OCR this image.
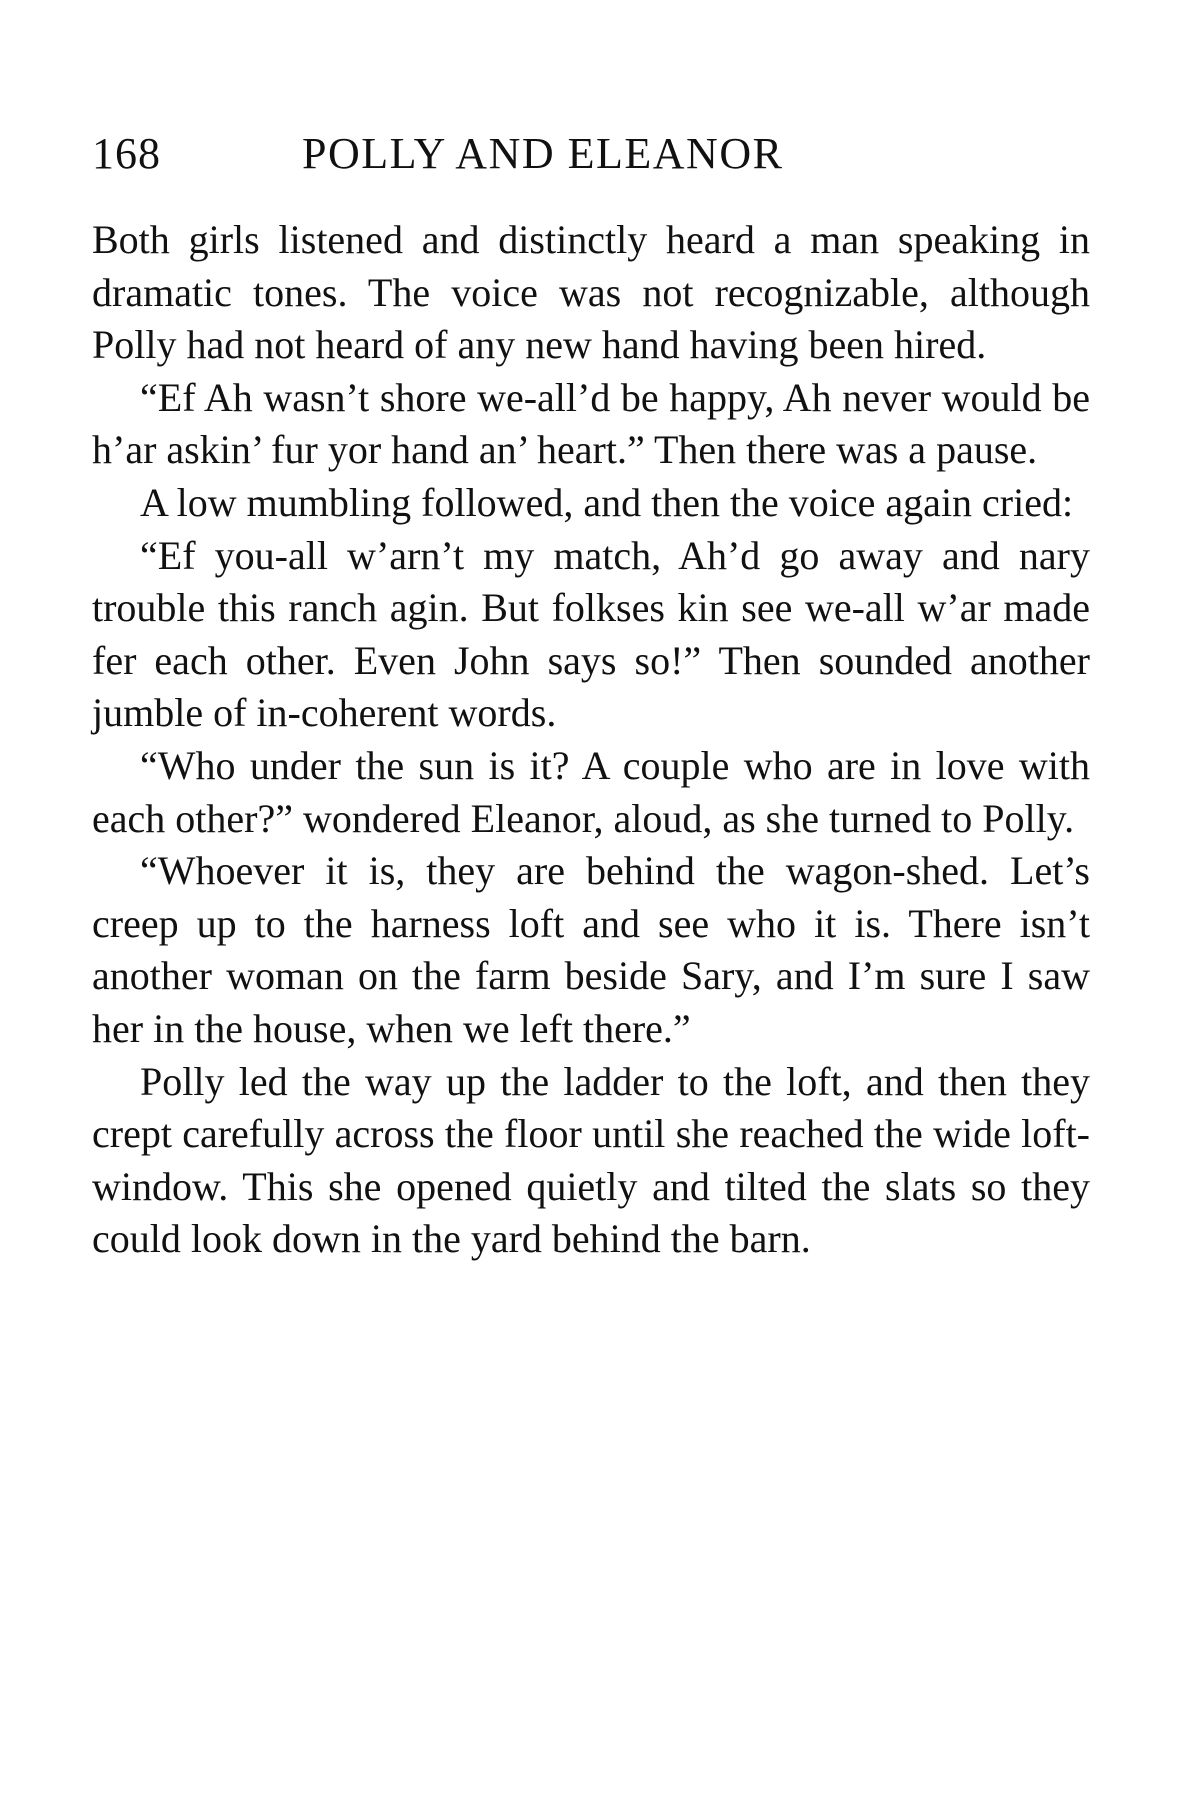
168	POLLY AND ELEANOR

Both girls listened and distinctly heard a man speaking in dramatic tones. The voice was not recognizable, although Polly had not heard of any new hand having been hired.

“Ef Ah wasn’t shore we-all’d be happy, Ah never would be h’ar askin’ fur yor hand an’ heart.” Then there was a pause.

A low mumbling followed, and then the voice again cried:

“Ef you-all w’arn’t my match, Ah’d go away and nary trouble this ranch agin. But folkses kin see we-all w’ar made fer each other. Even John says so!” Then sounded another jumble of in-coherent words.

“Who under the sun is it? A couple who are in love with each other?” wondered Eleanor, aloud, as she turned to Polly.

“Whoever it is, they are behind the wagon-shed. Let’s creep up to the harness loft and see who it is. There isn’t another woman on the farm beside Sary, and I’m sure I saw her in the house, when we left there.”

Polly led the way up the ladder to the loft, and then they crept carefully across the floor until she reached the wide loft-window. This she opened quietly and tilted the slats so they could look down in the yard behind the barn.
